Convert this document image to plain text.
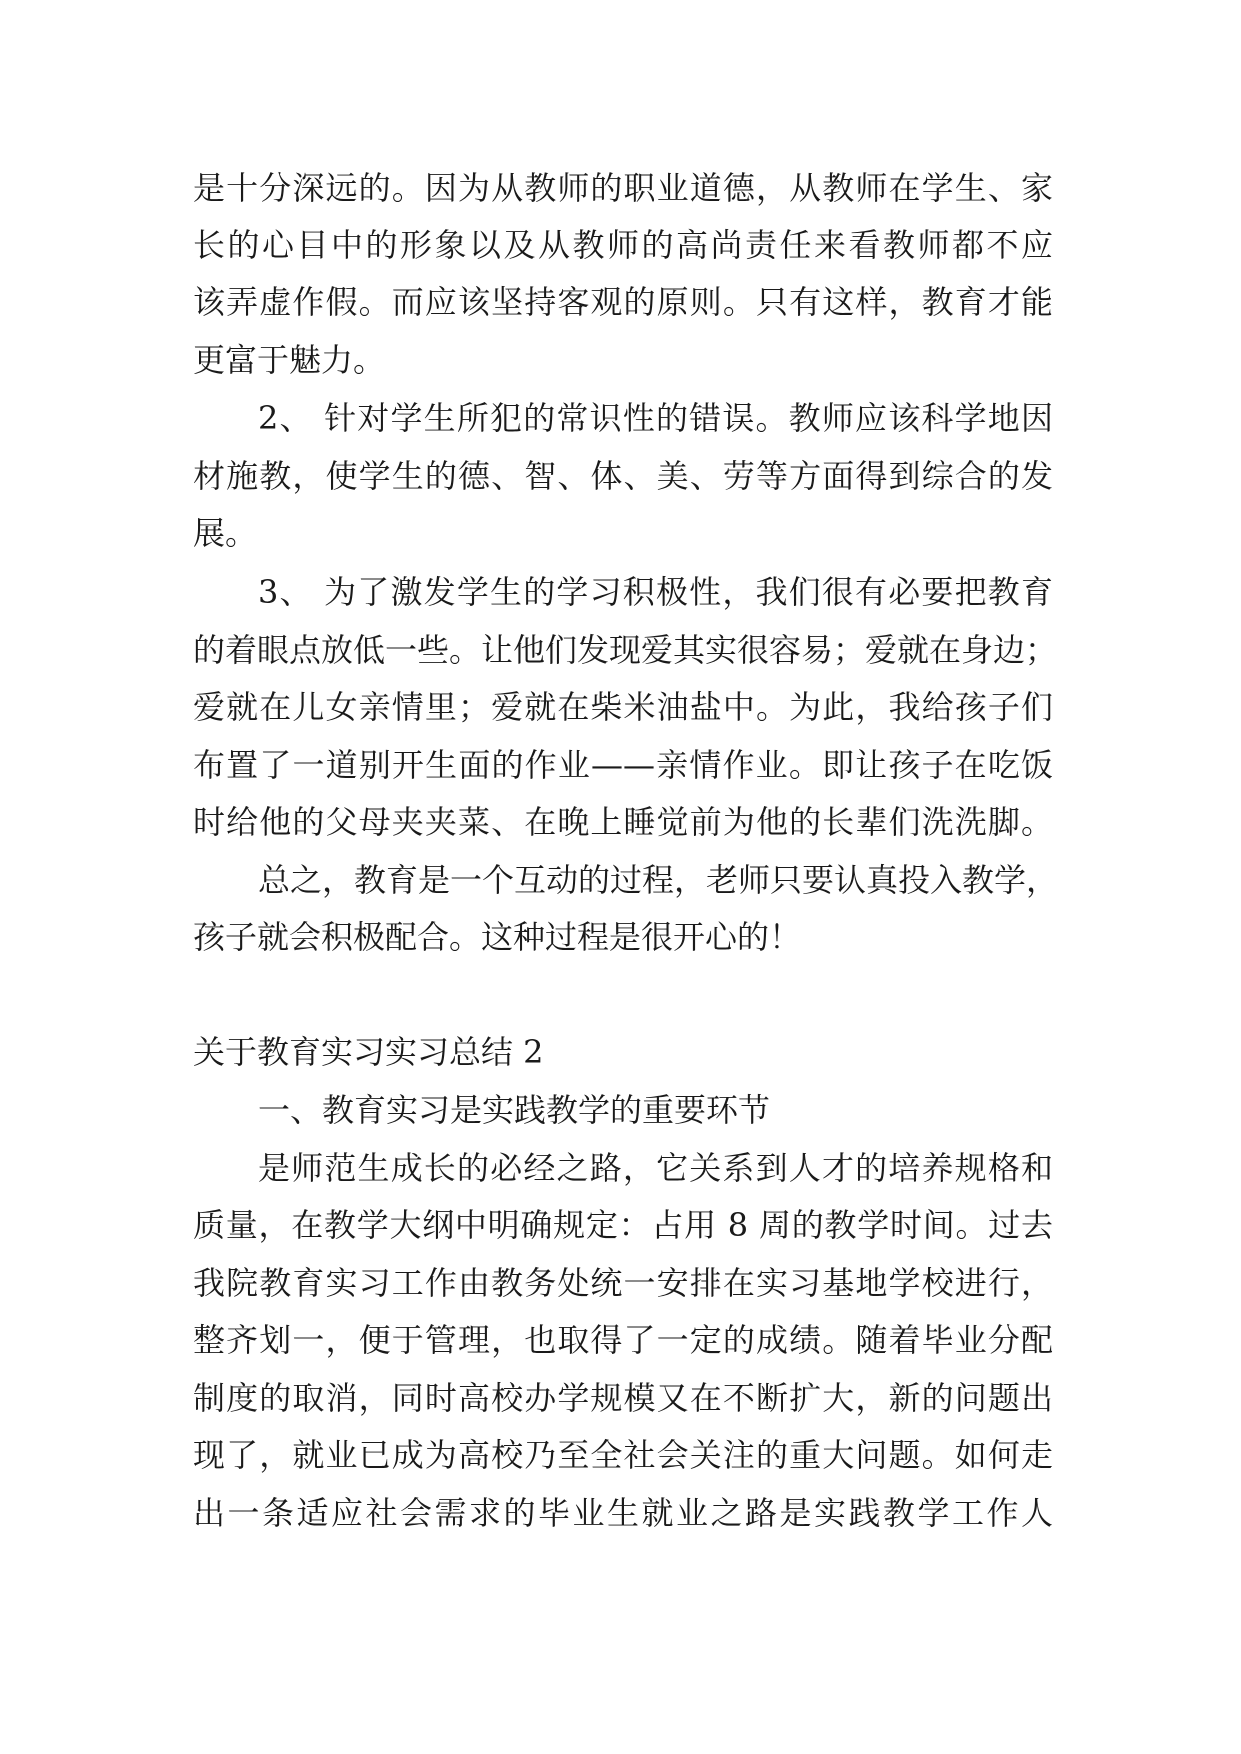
是十分深远的。因为从教师的职业道德，从教师在学生、家
长的心目中的形象以及从教师的高尚责任来看教师都不应
该弄虚作假。而应该坚持客观的原则。只有这样，教育才能
更富于魅力。
2、 针对学生所犯的常识性的错误。教师应该科学地因
材施教，使学生的德、智、体、美、劳等方面得到综合的发
展。
3、 为了激发学生的学习积极性，我们很有必要把教育
的着眼点放低一些。让他们发现爱其实很容易；爱就在身边；
爱就在儿女亲情里；爱就在柴米油盐中。为此，我给孩子们
布置了一道别开生面的作业——亲情作业。即让孩子在吃饭
时给他的父母夹夹菜、在晚上睡觉前为他的长辈们洗洗脚。
总之，教育是一个互动的过程，老师只要认真投入教学，
孩子就会积极配合。这种过程是很开心的！
关于教育实习实习总结 2
一、教育实习是实践教学的重要环节
是师范生成长的必经之路，它关系到人才的培养规格和
质量，在教学大纲中明确规定：占用 8 周的教学时间。过去
我院教育实习工作由教务处统一安排在实习基地学校进行，
整齐划一，便于管理，也取得了一定的成绩。随着毕业分配
制度的取消，同时高校办学规模又在不断扩大，新的问题出
现了，就业已成为高校乃至全社会关注的重大问题。如何走
出一条适应社会需求的毕业生就业之路是实践教学工作人
